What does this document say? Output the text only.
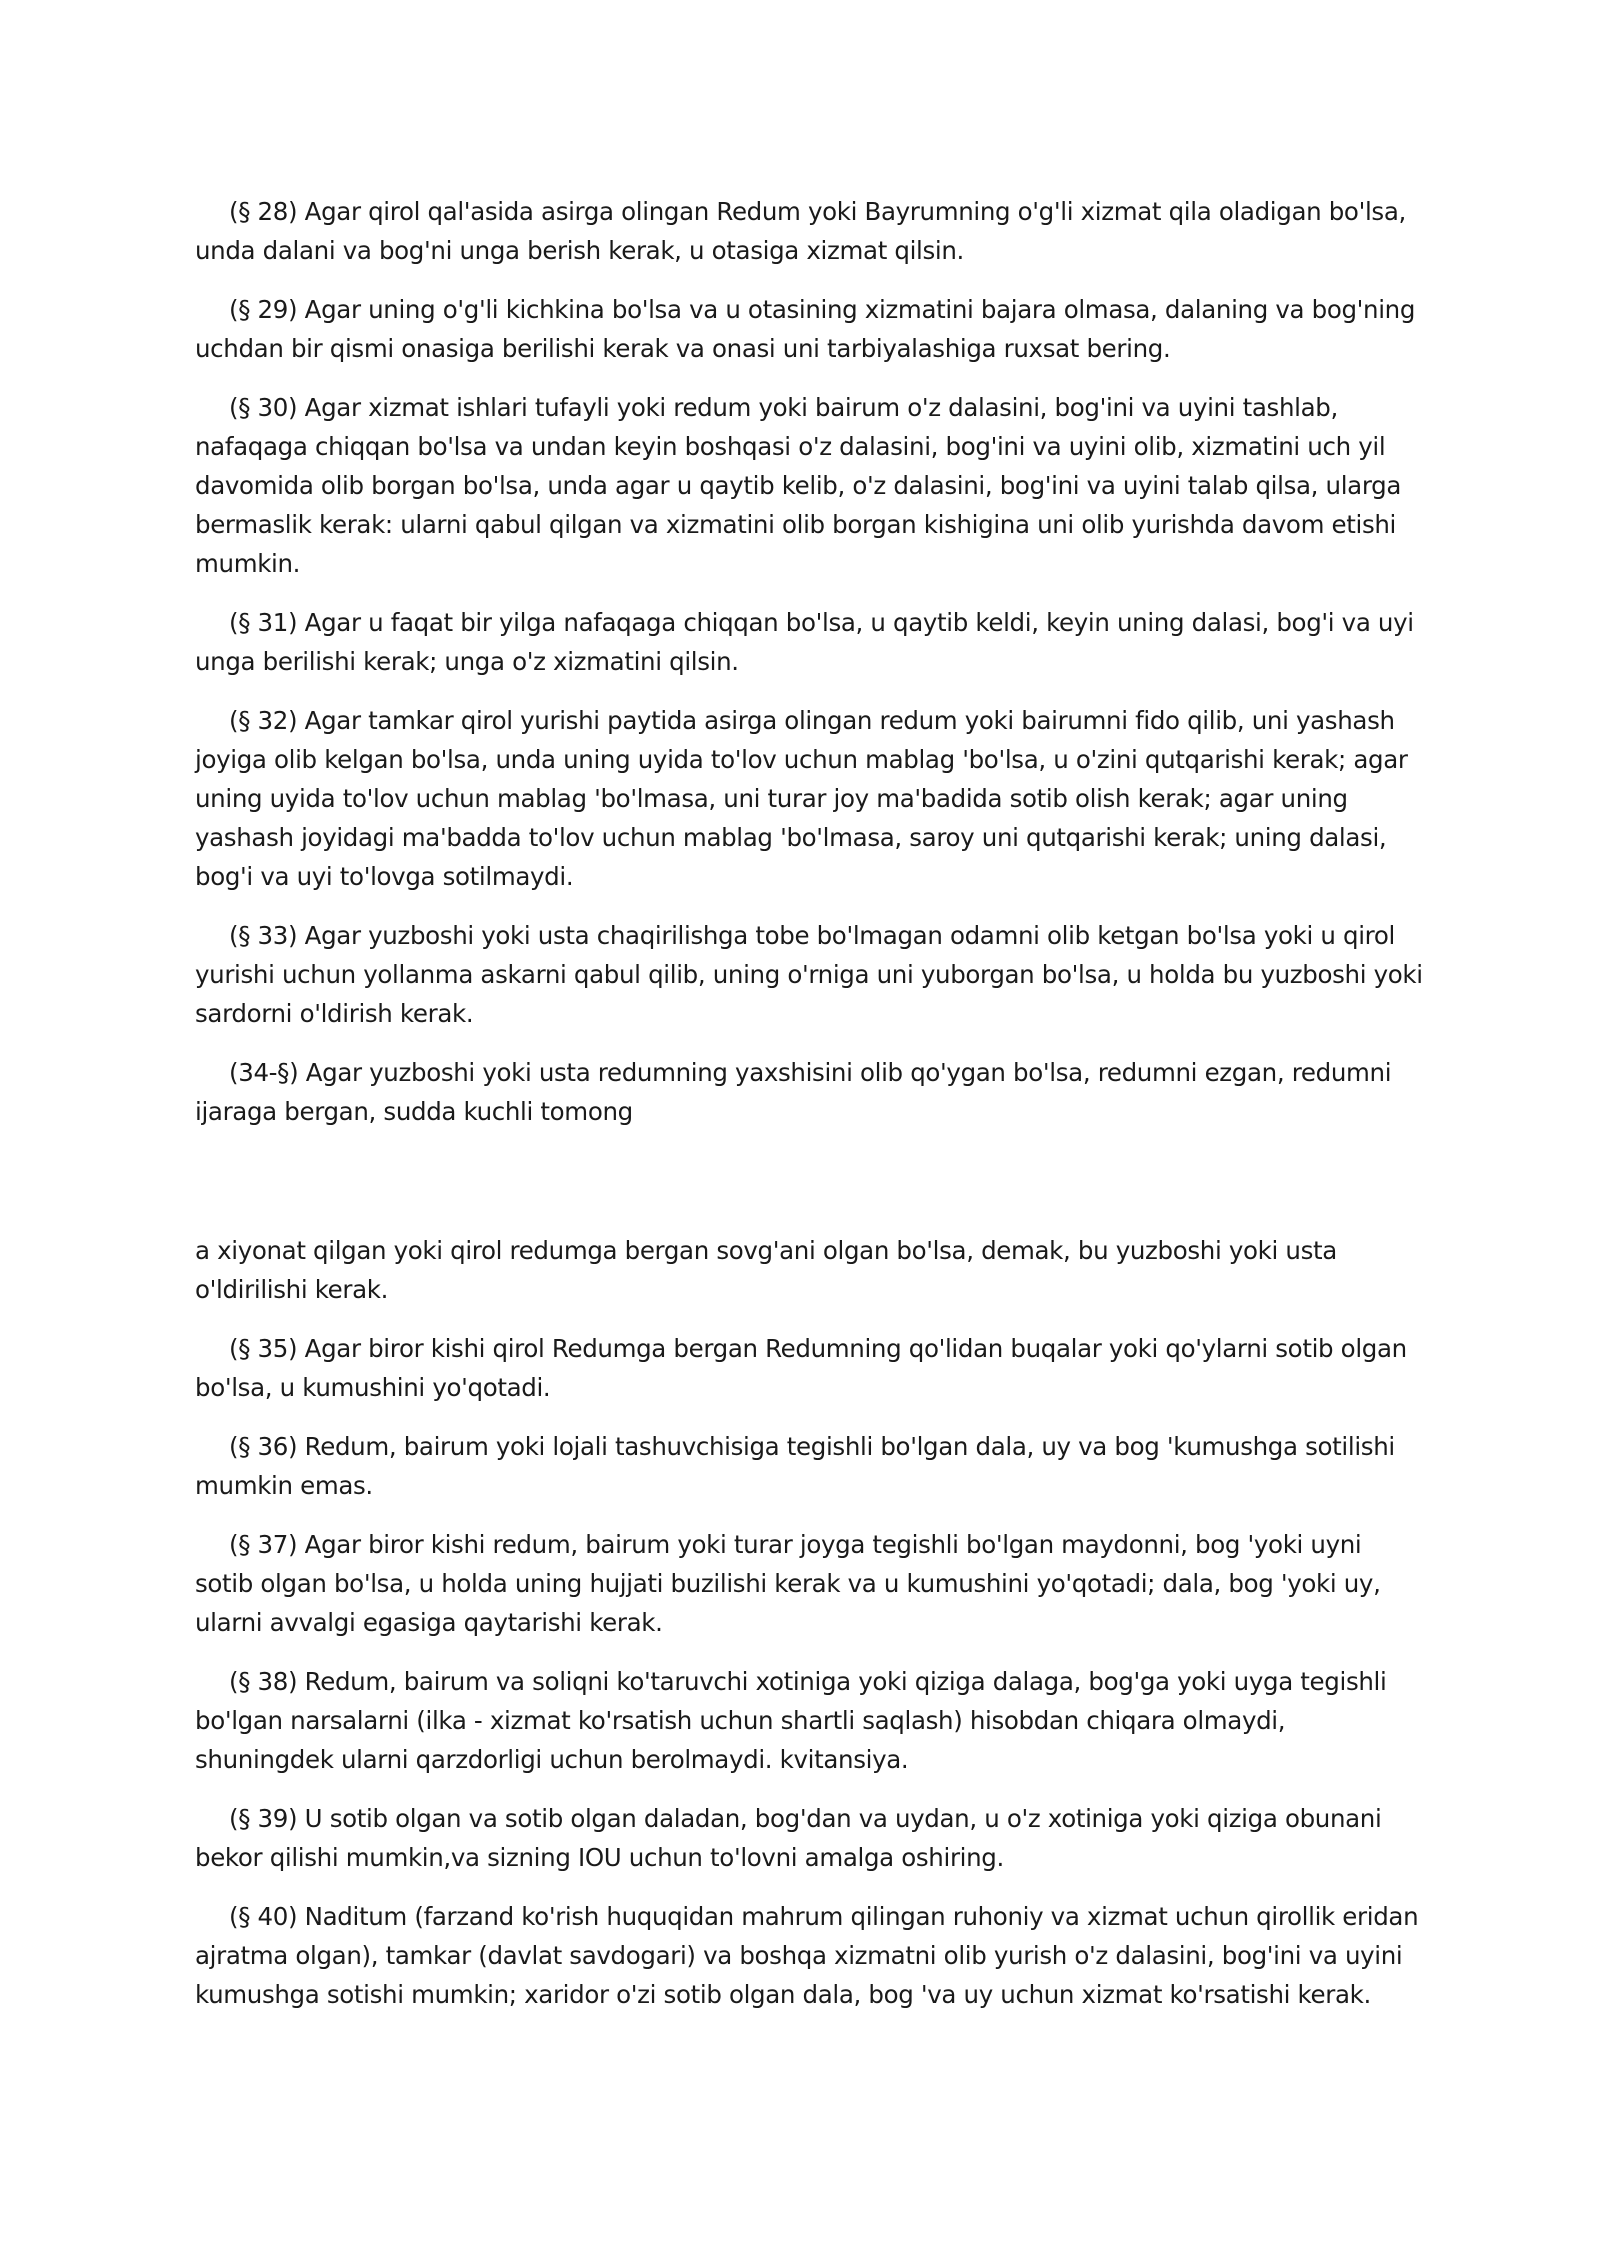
(§ 28) Agar qirol qal'asida asirga olingan Redum yoki Bayrumning o'g'li xizmat qila oladigan bo'lsa, unda dalani va bog'ni unga berish kerak, u otasiga xizmat qilsin.

(§ 29) Agar uning o'g'li kichkina bo'lsa va u otasining xizmatini bajara olmasa, dalaning va bog'ning uchdan bir qismi onasiga berilishi kerak va onasi uni tarbiyalashiga ruxsat bering.

(§ 30) Agar xizmat ishlari tufayli yoki redum yoki bairum o'z dalasini, bog'ini va uyini tashlab, nafaqaga chiqqan bo'lsa va undan keyin boshqasi o'z dalasini, bog'ini va uyini olib, xizmatini uch yil davomida olib borgan bo'lsa, unda agar u qaytib kelib, o'z dalasini, bog'ini va uyini talab qilsa, ularga bermaslik kerak: ularni qabul qilgan va xizmatini olib borgan kishigina uni olib yurishda davom etishi mumkin.

(§ 31) Agar u faqat bir yilga nafaqaga chiqqan bo'lsa, u qaytib keldi, keyin uning dalasi, bog'i va uyi unga berilishi kerak; unga o'z xizmatini qilsin.

(§ 32) Agar tamkar qirol yurishi paytida asirga olingan redum yoki bairumni fido qilib, uni yashash joyiga olib kelgan bo'lsa, unda uning uyida to'lov uchun mablag 'bo'lsa, u o'zini qutqarishi kerak; agar uning uyida to'lov uchun mablag 'bo'lmasa, uni turar joy ma'badida sotib olish kerak; agar uning yashash joyidagi ma'badda to'lov uchun mablag 'bo'lmasa, saroy uni qutqarishi kerak; uning dalasi, bog'i va uyi to'lovga sotilmaydi.

(§ 33) Agar yuzboshi yoki usta chaqirilishga tobe bo'lmagan odamni olib ketgan bo'lsa yoki u qirol yurishi uchun yollanma askarni qabul qilib, uning o'rniga uni yuborgan bo'lsa, u holda bu yuzboshi yoki sardorni o'ldirish kerak.

(34-§) Agar yuzboshi yoki usta redumning yaxshisini olib qo'ygan bo'lsa, redumni ezgan, redumni ijaraga bergan, sudda kuchli tomong

a xiyonat qilgan yoki qirol redumga bergan sovg'ani olgan bo'lsa, demak, bu yuzboshi yoki usta o'ldirilishi kerak.

(§ 35) Agar biror kishi qirol Redumga bergan Redumning qo'lidan buqalar yoki qo'ylarni sotib olgan bo'lsa, u kumushini yo'qotadi.

(§ 36) Redum, bairum yoki lojali tashuvchisiga tegishli bo'lgan dala, uy va bog 'kumushga sotilishi mumkin emas.

(§ 37) Agar biror kishi redum, bairum yoki turar joyga tegishli bo'lgan maydonni, bog 'yoki uyni sotib olgan bo'lsa, u holda uning hujjati buzilishi kerak va u kumushini yo'qotadi; dala, bog 'yoki uy, ularni avvalgi egasiga qaytarishi kerak.

(§ 38) Redum, bairum va soliqni ko'taruvchi xotiniga yoki qiziga dalaga, bog'ga yoki uyga tegishli bo'lgan narsalarni (ilka - xizmat ko'rsatish uchun shartli saqlash) hisobdan chiqara olmaydi, shuningdek ularni qarzdorligi uchun berolmaydi. kvitansiya.

(§ 39) U sotib olgan va sotib olgan daladan, bog'dan va uydan, u o'z xotiniga yoki qiziga obunani bekor qilishi mumkin,va sizning IOU uchun to'lovni amalga oshiring.

(§ 40) Naditum (farzand ko'rish huquqidan mahrum qilingan ruhoniy va xizmat uchun qirollik eridan ajratma olgan), tamkar (davlat savdogari) va boshqa xizmatni olib yurish o'z dalasini, bog'ini va uyini kumushga sotishi mumkin; xaridor o'zi sotib olgan dala, bog 'va uy uchun xizmat ko'rsatishi kerak.
